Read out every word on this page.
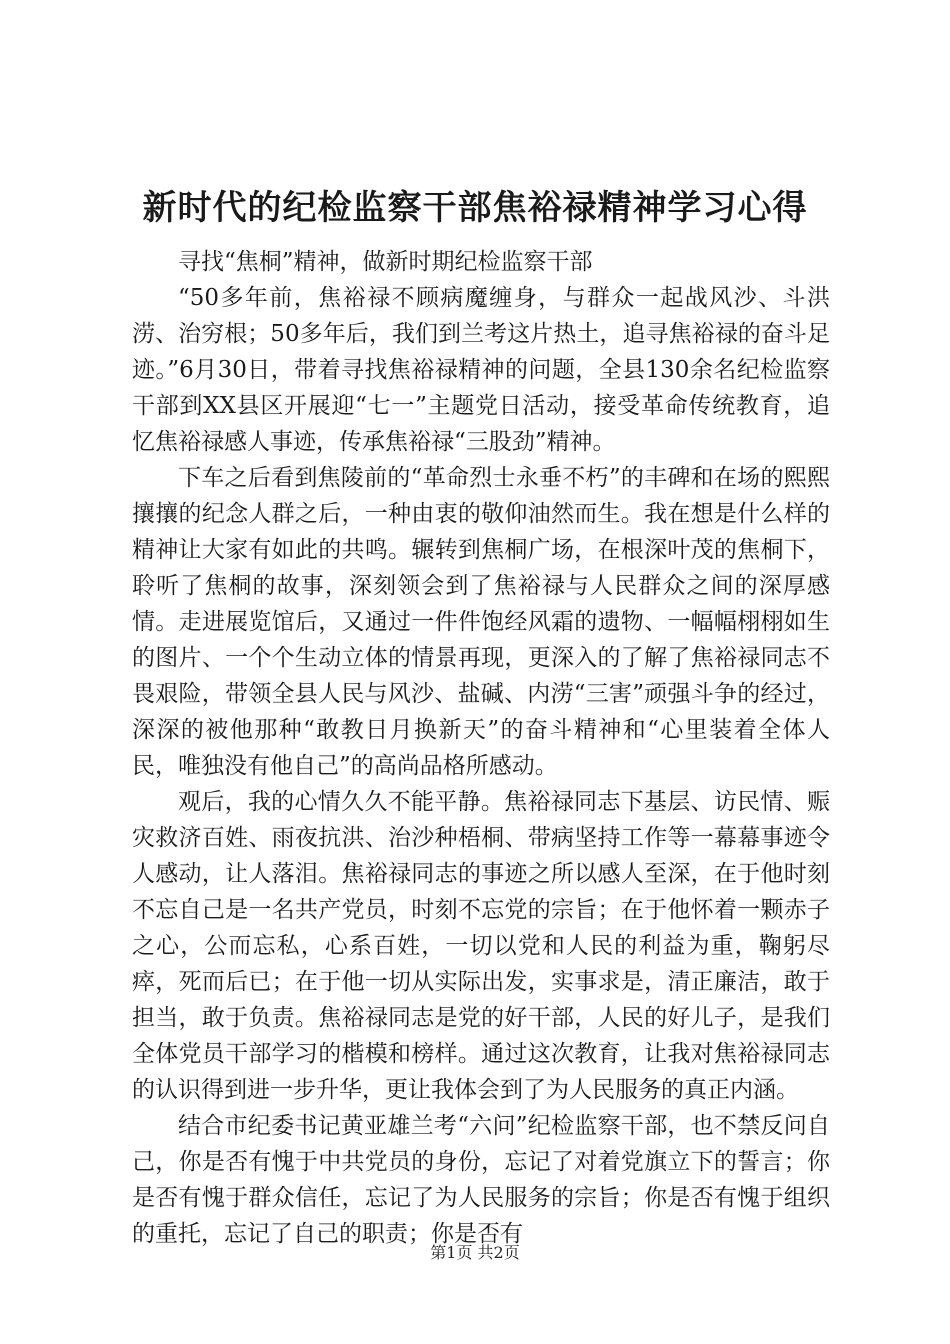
新时代的纪检监察干部焦裕禄精神学习心得

寻找“焦桐”精神，做新时期纪检监察干部

“50多年前，焦裕禄不顾病魔缠身，与群众一起战风沙、斗洪涝、治穷根；50多年后，我们到兰考这片热土，追寻焦裕禄的奋斗足迹。”6月30日，带着寻找焦裕禄精神的问题，全县130余名纪检监察干部到XX县区开展迎“七一”主题党日活动，接受革命传统教育，追忆焦裕禄感人事迹，传承焦裕禄“三股劲”精神。

下车之后看到焦陵前的“革命烈士永垂不朽”的丰碑和在场的熙熙攘攘的纪念人群之后，一种由衷的敬仰油然而生。我在想是什么样的精神让大家有如此的共鸣。辗转到焦桐广场，在根深叶茂的焦桐下，聆听了焦桐的故事，深刻领会到了焦裕禄与人民群众之间的深厚感情。走进展览馆后，又通过一件件饱经风霜的遗物、一幅幅栩栩如生的图片、一个个生动立体的情景再现，更深入的了解了焦裕禄同志不畏艰险，带领全县人民与风沙、盐碱、内涝“三害”顽强斗争的经过，深深的被他那种“敢教日月换新天”的奋斗精神和“心里装着全体人民，唯独没有他自己”的高尚品格所感动。

观后，我的心情久久不能平静。焦裕禄同志下基层、访民情、赈灾救济百姓、雨夜抗洪、治沙种梧桐、带病坚持工作等一幕幕事迹令人感动，让人落泪。焦裕禄同志的事迹之所以感人至深，在于他时刻不忘自己是一名共产党员，时刻不忘党的宗旨；在于他怀着一颗赤子之心，公而忘私，心系百姓，一切以党和人民的利益为重，鞠躬尽瘁，死而后已；在于他一切从实际出发，实事求是，清正廉洁，敢于担当，敢于负责。焦裕禄同志是党的好干部，人民的好儿子，是我们全体党员干部学习的楷模和榜样。通过这次教育，让我对焦裕禄同志的认识得到进一步升华，更让我体会到了为人民服务的真正内涵。

结合市纪委书记黄亚雄兰考“六问”纪检监察干部，也不禁反问自己，你是否有愧于中共党员的身份，忘记了对着党旗立下的誓言；你是否有愧于群众信任，忘记了为人民服务的宗旨；你是否有愧于组织的重托，忘记了自己的职责；你是否有

第1页 共2页
